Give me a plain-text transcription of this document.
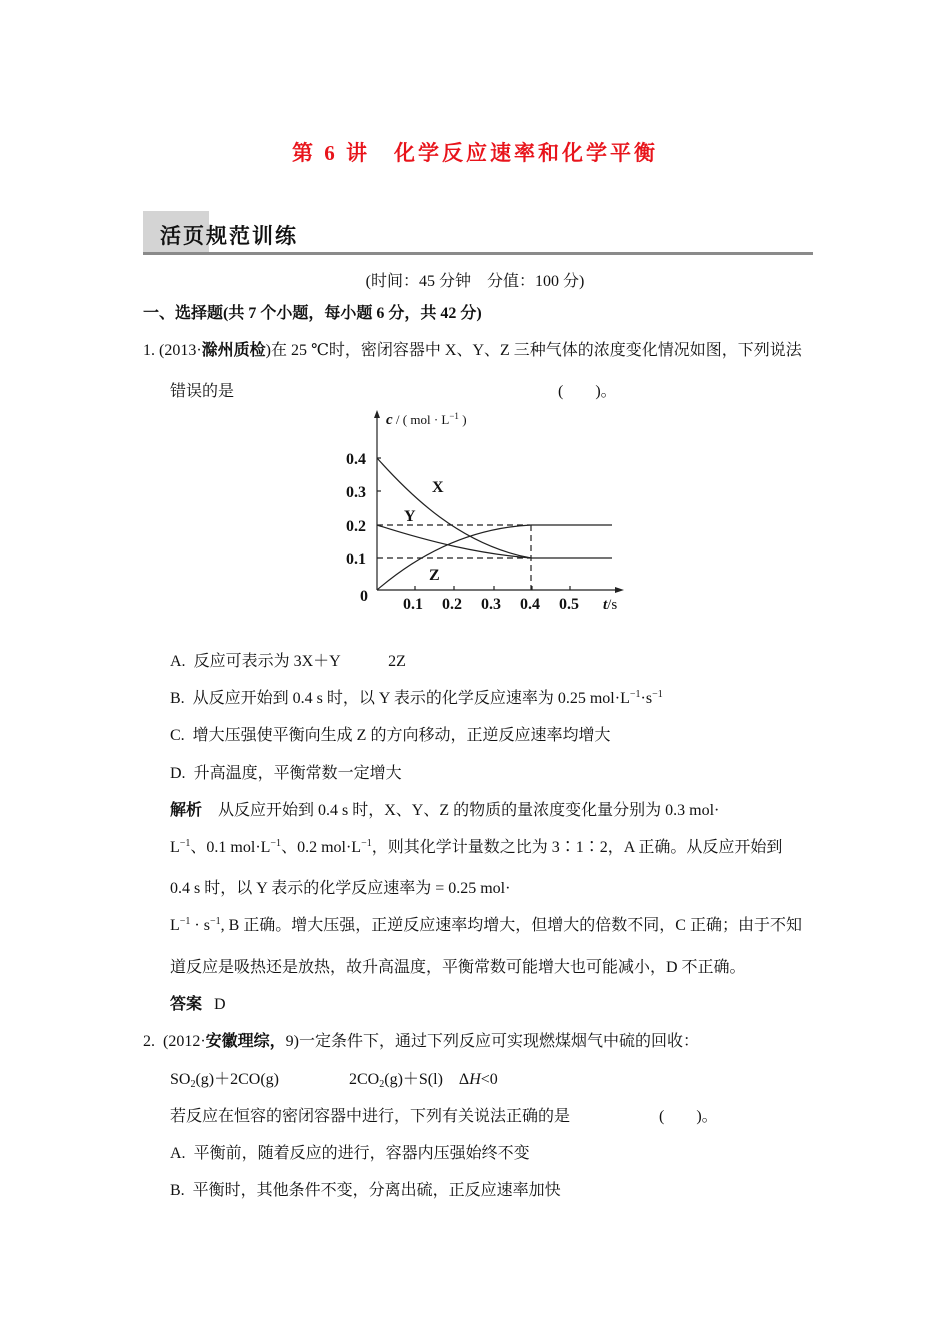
第 6 讲　化学反应速率和化学平衡
活页规范训练
(时间：45 分钟　分值：100 分)
一、选择题(共 7 个小题，每小题 6 分，共 42 分)
1. (2013·滁州质检)在 25 ℃时，密闭容器中 X、Y、Z 三种气体的浓度变化情况如图，下列说法
错误的是	(　　)。
0.4
0.3
0.2
0.1
0 0.1 0.2 0.3 0.4 0.5
X
Y
Z
t/s
c / ( mol · $L^{-1}$ )
A. 反应可表示为 3X＋Y	2Z
B. 从反应开始到 0.4 s 时，以 Y 表示的化学反应速率为 0.25 $mol\cdot L^{-1}\cdot s^{-1}$
C. 增大压强使平衡向生成 Z 的方向移动，正逆反应速率均增大
D. 升高温度，平衡常数一定增大
解析 从反应开始到 0.4 s 时，X、Y、Z 的物质的量浓度变化量分别为 0.3 mol·
$L^{-1}$、0.1 $mol\cdot L^{-1}$、0.2 $mol\cdot L^{-1}$，则其化学计量数之比为 3∶1∶2，A 正确。从反应开始到
0.4 s 时，以 Y 表示的化学反应速率为 = 0.25 mol·
$L^{-1} \cdot s^{-1}$, B 正确。增大压强，正逆反应速率均增大，但增大的倍数不同，C 正确；由于不知
道反应是吸热还是放热，故升高温度，平衡常数可能增大也可能减小，D 不正确。
答案 D
2. (2012·安徽理综，9)一定条件下，通过下列反应可实现燃煤烟气中硫的回收：
$SO_2(g)+2CO(g)$	$2CO_2(g)+S(l)$ ΔH<0
若反应在恒容的密闭容器中进行，下列有关说法正确的是	(　　)。
A. 平衡前，随着反应的进行，容器内压强始终不变
B. 平衡时，其他条件不变，分离出硫，正反应速率加快
